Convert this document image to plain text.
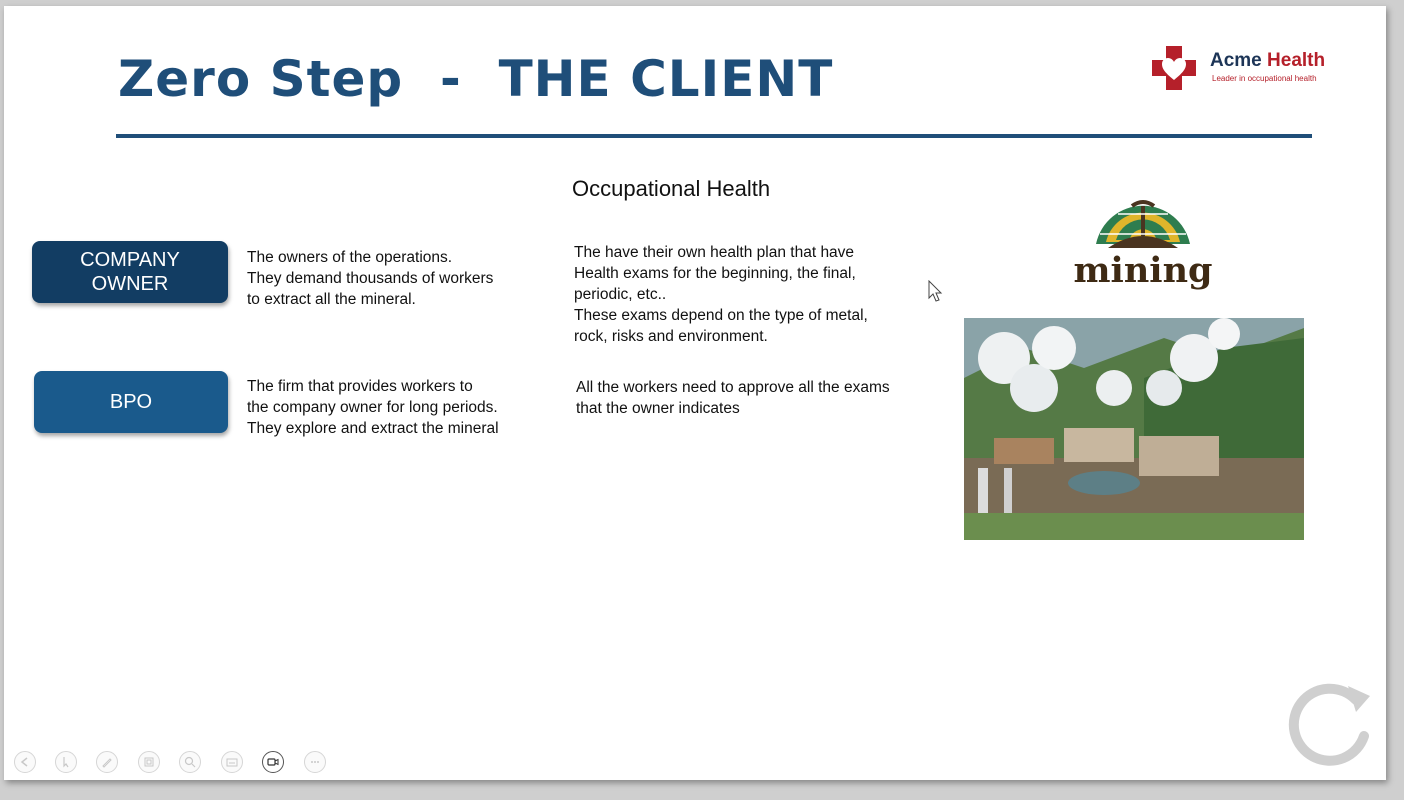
Zero Step  -  THE CLIENT	Acme Health
Leader in occupational health
Occupational Health
COMPANY
OWNER
The owners of the operations.
They demand thousands of workers
to extract all the mineral.
The have their own health plan that have
Health exams for the beginning, the final,
periodic, etc..
These exams depend on the type of metal,
rock, risks and environment.
BPO
The firm that provides workers to
the company owner for long periods.
They explore and extract the mineral
All the workers need to approve all the exams
that the owner indicates
mining
